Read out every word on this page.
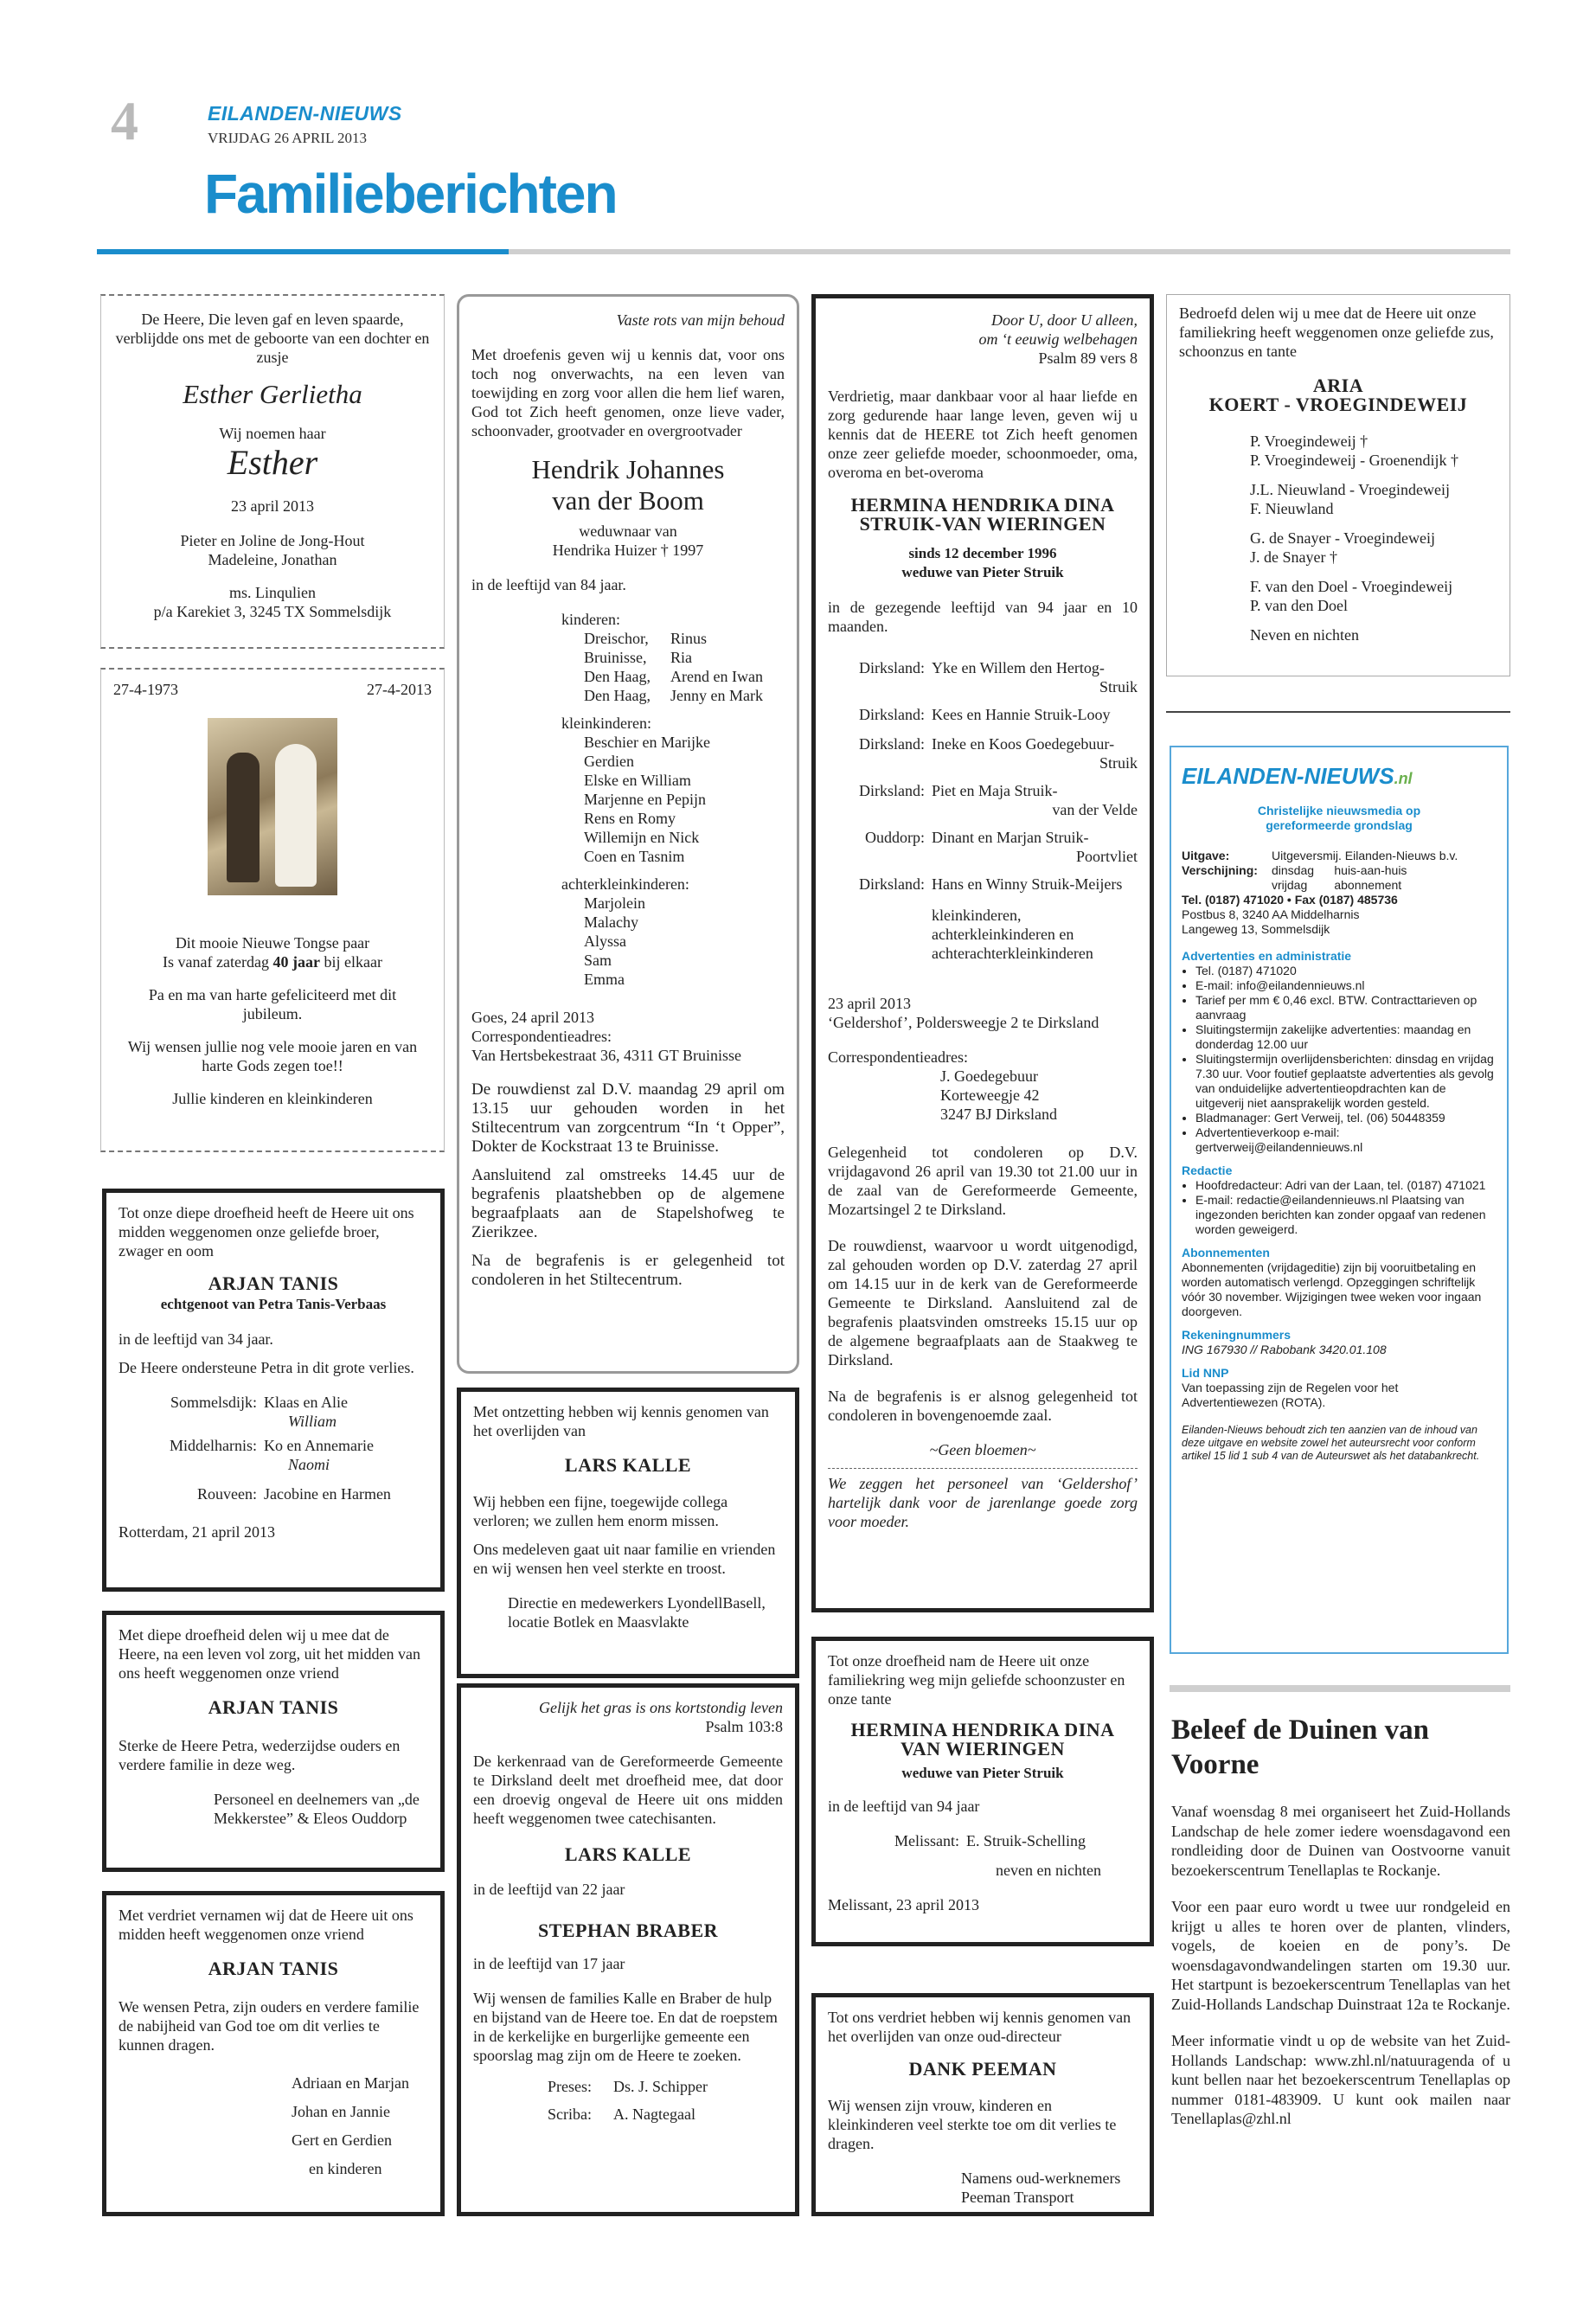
4	EILANDEN-NIEUWS
VRIJDAG 26 APRIL 2013
Familieberichten

De Heere, Die leven gaf en leven spaarde, verblijdde ons met de geboorte van een dochter en zusje

Esther Gerlietha

Wij noemen haar

Esther

23 april 2013

Pieter en Joline de Jong-Hout

Madeleine, Jonathan

ms. Linqulien

p/a Karekiet 3, 3245 TX Sommelsdijk

27-4-1973	27-4-2013

Dit mooie Nieuwe Tongse paar

Is vanaf zaterdag 40 jaar bij elkaar

Pa en ma van harte gefeliciteerd met dit jubileum.

Wij wensen jullie nog vele mooie jaren en van harte Gods zegen toe!!

Jullie kinderen en kleinkinderen

Tot onze diepe droefheid heeft de Heere uit ons midden weggenomen onze geliefde broer, zwager en oom

ARJAN TANIS

echtgenoot van Petra Tanis-Verbaas

in de leeftijd van 34 jaar.

De Heere ondersteune Petra in dit grote verlies.

Sommelsdijk: Klaas en Alie
William
Middelharnis: Ko en Annemarie
Naomi
Rouveen: Jacobine en Harmen

Rotterdam, 21 april 2013

Met diepe droefheid delen wij u mee dat de Heere, na een leven vol zorg, uit het midden van ons heeft weggenomen onze vriend

ARJAN TANIS

Sterke de Heere Petra, wederzijdse ouders en verdere familie in deze weg.

Personeel en deelnemers van „de Mekkerstee” & Eleos Ouddorp

Met verdriet vernamen wij dat de Heere uit ons midden heeft weggenomen onze vriend

ARJAN TANIS

We wensen Petra, zijn ouders en verdere familie de nabijheid van God toe om dit verlies te kunnen dragen.

Adriaan en Marjan

Johan en Jannie

Gert en Gerdien

en kinderen

Vaste rots van mijn behoud

Met droefenis geven wij u kennis dat, voor ons toch nog onverwachts, na een leven van toewijding en zorg voor allen die hem lief waren, God tot Zich heeft genomen, onze lieve vader, schoonvader, grootvader en overgrootvader

Hendrik Johannes

van der Boom

weduwnaar van

Hendrika Huizer † 1997

in de leeftijd van 84 jaar.

kinderen:
Dreischor,	Rinus
Bruinisse,	Ria
Den Haag,	Arend en Iwan
Den Haag,	Jenny en Mark
kleinkinderen:
Beschier en Marijke
Gerdien
Elske en William
Marjenne en Pepijn
Rens en Romy
Willemijn en Nick
Coen en Tasnim
achterkleinkinderen:
Marjolein
Malachy
Alyssa
Sam
Emma

Goes, 24 april 2013

Correspondentieadres:

Van Hertsbekestraat 36, 4311 GT Bruinisse

De rouwdienst zal D.V. maandag 29 april om 13.15 uur gehouden worden in het Stiltecentrum van zorgcentrum “In ‘t Opper”, Dokter de Kockstraat 13 te Bruinisse.

Aansluitend zal omstreeks 14.45 uur de begrafenis plaatshebben op de algemene begraafplaats aan de Stapelshofweg te Zierikzee.

Na de begrafenis is er gelegenheid tot condoleren in het Stiltecentrum.

Met ontzetting hebben wij kennis genomen van het overlijden van

LARS KALLE

Wij hebben een fijne, toegewijde collega verloren; we zullen hem enorm missen.

Ons medeleven gaat uit naar familie en vrienden en wij wensen hen veel sterkte en troost.

Directie en medewerkers LyondellBasell, locatie Botlek en Maasvlakte

Gelijk het gras is ons kortstondig leven

Psalm 103:8

De kerkenraad van de Gereformeerde Gemeente te Dirksland deelt met droefheid mee, dat door een droevig ongeval de Heere uit ons midden heeft weggenomen twee catechisanten.

LARS KALLE

in de leeftijd van 22 jaar

STEPHAN BRABER

in de leeftijd van 17 jaar

Wij wensen de families Kalle en Braber de hulp en bijstand van de Heere toe. En dat de roepstem in de kerkelijke en burgerlijke gemeente een spoorslag mag zijn om de Heere te zoeken.

Preses:	Ds. J. Schipper
Scriba:	A. Nagtegaal

Door U, door U alleen,

om ‘t eeuwig welbehagen

Psalm 89 vers 8

Verdrietig, maar dankbaar voor al haar liefde en zorg gedurende haar lange leven, geven wij u kennis dat de HEERE tot Zich heeft genomen onze zeer geliefde moeder, schoonmoeder, oma, overoma en bet-overoma

HERMINA HENDRIKA DINA

STRUIK-VAN WIERINGEN

sinds 12 december 1996

weduwe van Pieter Struik

in de gezegende leeftijd van 94 jaar en 10 maanden.

Dirksland: Yke en Willem den Hertog-

Struik
Dirksland: Kees en Hannie Struik-Looy
Dirksland: Ineke en Koos Goedegebuur-

Struik
Dirksland: Piet en Maja Struik-

van der Velde
Ouddorp: Dinant en Marjan Struik-

Poortvliet
Dirksland: Hans en Winny Struik-Meijers

kleinkinderen, achterkleinkinderen en achterachterkleinkinderen

23 april 2013

‘Geldershof’, Poldersweegje 2 te Dirksland

Correspondentieadres:

J. Goedegebuur
Korteweegje 42
3247 BJ Dirksland

Gelegenheid tot condoleren op D.V. vrijdagavond 26 april van 19.30 tot 21.00 uur in de zaal van de Gereformeerde Gemeente, Mozartsingel 2 te Dirksland.

De rouwdienst, waarvoor u wordt uitgenodigd, zal gehouden worden op D.V. zaterdag 27 april om 14.15 uur in de kerk van de Gereformeerde Gemeente te Dirksland. Aansluitend zal de begrafenis plaatsvinden omstreeks 15.15 uur op de algemene begraafplaats aan de Staakweg te Dirksland.

Na de begrafenis is er alsnog gelegenheid tot condoleren in bovengenoemde zaal.

~Geen bloemen~

We zeggen het personeel van ‘Geldershof’ hartelijk dank voor de jarenlange goede zorg voor moeder.

Tot onze droefheid nam de Heere uit onze familiekring weg mijn geliefde schoonzuster en onze tante

HERMINA HENDRIKA DINA

VAN WIERINGEN

weduwe van Pieter Struik

in de leeftijd van 94 jaar

Melissant: E. Struik-Schelling

neven en nichten

Melissant, 23 april 2013

Tot ons verdriet hebben wij kennis genomen van het overlijden van onze oud-directeur

DANK PEEMAN

Wij wensen zijn vrouw, kinderen en kleinkinderen veel sterkte toe om dit verlies te dragen.

Namens oud-werknemers

Peeman Transport

Bedroefd delen wij u mee dat de Heere uit onze familiekring heeft weggenomen onze geliefde zus, schoonzus en tante

ARIA

KOERT - VROEGINDEWEIJ

P. Vroegindeweij †
P. Vroegindeweij - Groenendijk †
J.L. Nieuwland - Vroegindeweij
F. Nieuwland
G. de Snayer - Vroegindeweij
J. de Snayer †
F. van den Doel - Vroegindeweij
P. van den Doel
Neven en nichten
EILANDEN-NIEUWS.nl
Christelijke nieuwsmedia op gereformeerde grondslag
Uitgave:	Uitgeversmij. Eilanden-Nieuws b.v.
Verschijning:	dinsdag      huis-aan-huis
vrijdag        abonnement
Tel. (0187) 471020 • Fax (0187) 485736
Postbus 8, 3240 AA Middelharnis
Langeweg 13, Sommelsdijk
Advertenties en administratie
• Tel. (0187) 471020
• E-mail: info@eilandennieuws.nl
• Tarief per mm € 0,46 excl. BTW. Contracttarieven op aanvraag
• Sluitingstermijn zakelijke advertenties: maandag en donderdag 12.00 uur
• Sluitingstermijn overlijdensberichten: dinsdag en vrijdag 7.30 uur. Voor foutief geplaatste advertenties als gevolg van onduidelijke advertentieopdrachten kan de uitgeverij niet aansprakelijk worden gesteld.
• Bladmanager: Gert Verweij, tel. (06) 50448359
• Advertentieverkoop e-mail: gertverweij@eilandennieuws.nl
Redactie
• Hoofdredacteur: Adri van der Laan, tel. (0187) 471021
• E-mail: redactie@eilandennieuws.nl Plaatsing van ingezonden berichten kan zonder opgaaf van redenen worden geweigerd.
Abonnementen
Abonnementen (vrijdageditie) zijn bij vooruitbetaling en worden automatisch verlengd. Opzeggingen schriftelijk vóór 30 november. Wijzigingen twee weken voor ingaan doorgeven.
Rekeningnummers
ING 167930 // Rabobank 3420.01.108
Lid NNP
Van toepassing zijn de Regelen voor het Advertentiewezen (ROTA).
Eilanden-Nieuws behoudt zich ten aanzien van de inhoud van deze uitgave en website zowel het auteursrecht voor conform artikel 15 lid 1 sub 4 van de Auteurswet als het databankrecht.
Beleef de Duinen van Voorne

Vanaf woensdag 8 mei organiseert het Zuid-Hollands Landschap de hele zomer iedere woensdagavond een rondleiding door de Duinen van Oostvoorne vanuit bezoekerscentrum Tenellaplas te Rockanje.

Voor een paar euro wordt u twee uur rondgeleid en krijgt u alles te horen over de planten, vlinders, vogels, de koeien en de pony’s. De woensdagavondwandelingen starten om 19.30 uur. Het startpunt is bezoekerscentrum Tenellaplas van het Zuid-Hollands Landschap Duinstraat 12a te Rockanje.

Meer informatie vindt u op de website van het Zuid-Hollands Landschap: www.zhl.nl/natuuragenda of u kunt bellen naar het bezoekerscentrum Tenellaplas op nummer 0181-483909. U kunt ook mailen naar Tenellaplas@zhl.nl
